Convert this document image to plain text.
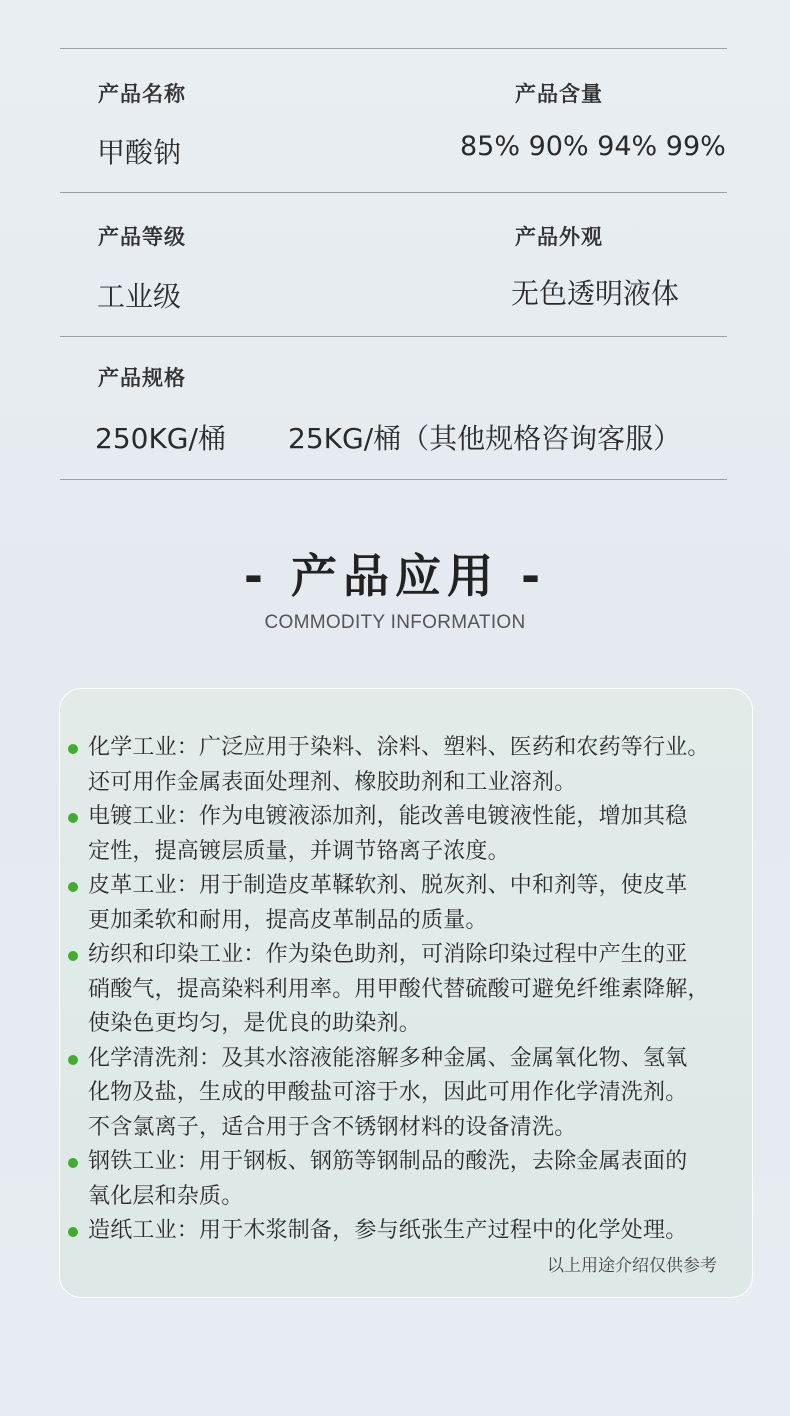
产品名称	产品含量
甲酸钠	85% 90% 94% 99%
产品等级	产品外观
工业级	无色透明液体
产品规格
250KG/桶 25KG/桶（其他规格咨询客服）
- 产品应用 -
COMMODITY INFORMATION
化学工业：广泛应用于染料、涂料、塑料、医药和农药等行业。
还可用作金属表面处理剂、橡胶助剂和工业溶剂。
电镀工业：作为电镀液添加剂，能改善电镀液性能，增加其稳
定性，提高镀层质量，并调节铬离子浓度。
皮革工业：用于制造皮革鞣软剂、脱灰剂、中和剂等，使皮革
更加柔软和耐用，提高皮革制品的质量。
纺织和印染工业：作为染色助剂，可消除印染过程中产生的亚
硝酸气，提高染料利用率。用甲酸代替硫酸可避免纤维素降解，
使染色更均匀，是优良的助染剂。
化学清洗剂：及其水溶液能溶解多种金属、金属氧化物、氢氧
化物及盐，生成的甲酸盐可溶于水，因此可用作化学清洗剂。
不含氯离子，适合用于含不锈钢材料的设备清洗。
钢铁工业：用于钢板、钢筋等钢制品的酸洗，去除金属表面的
氧化层和杂质。
造纸工业：用于木浆制备，参与纸张生产过程中的化学处理。
以上用途介绍仅供参考
